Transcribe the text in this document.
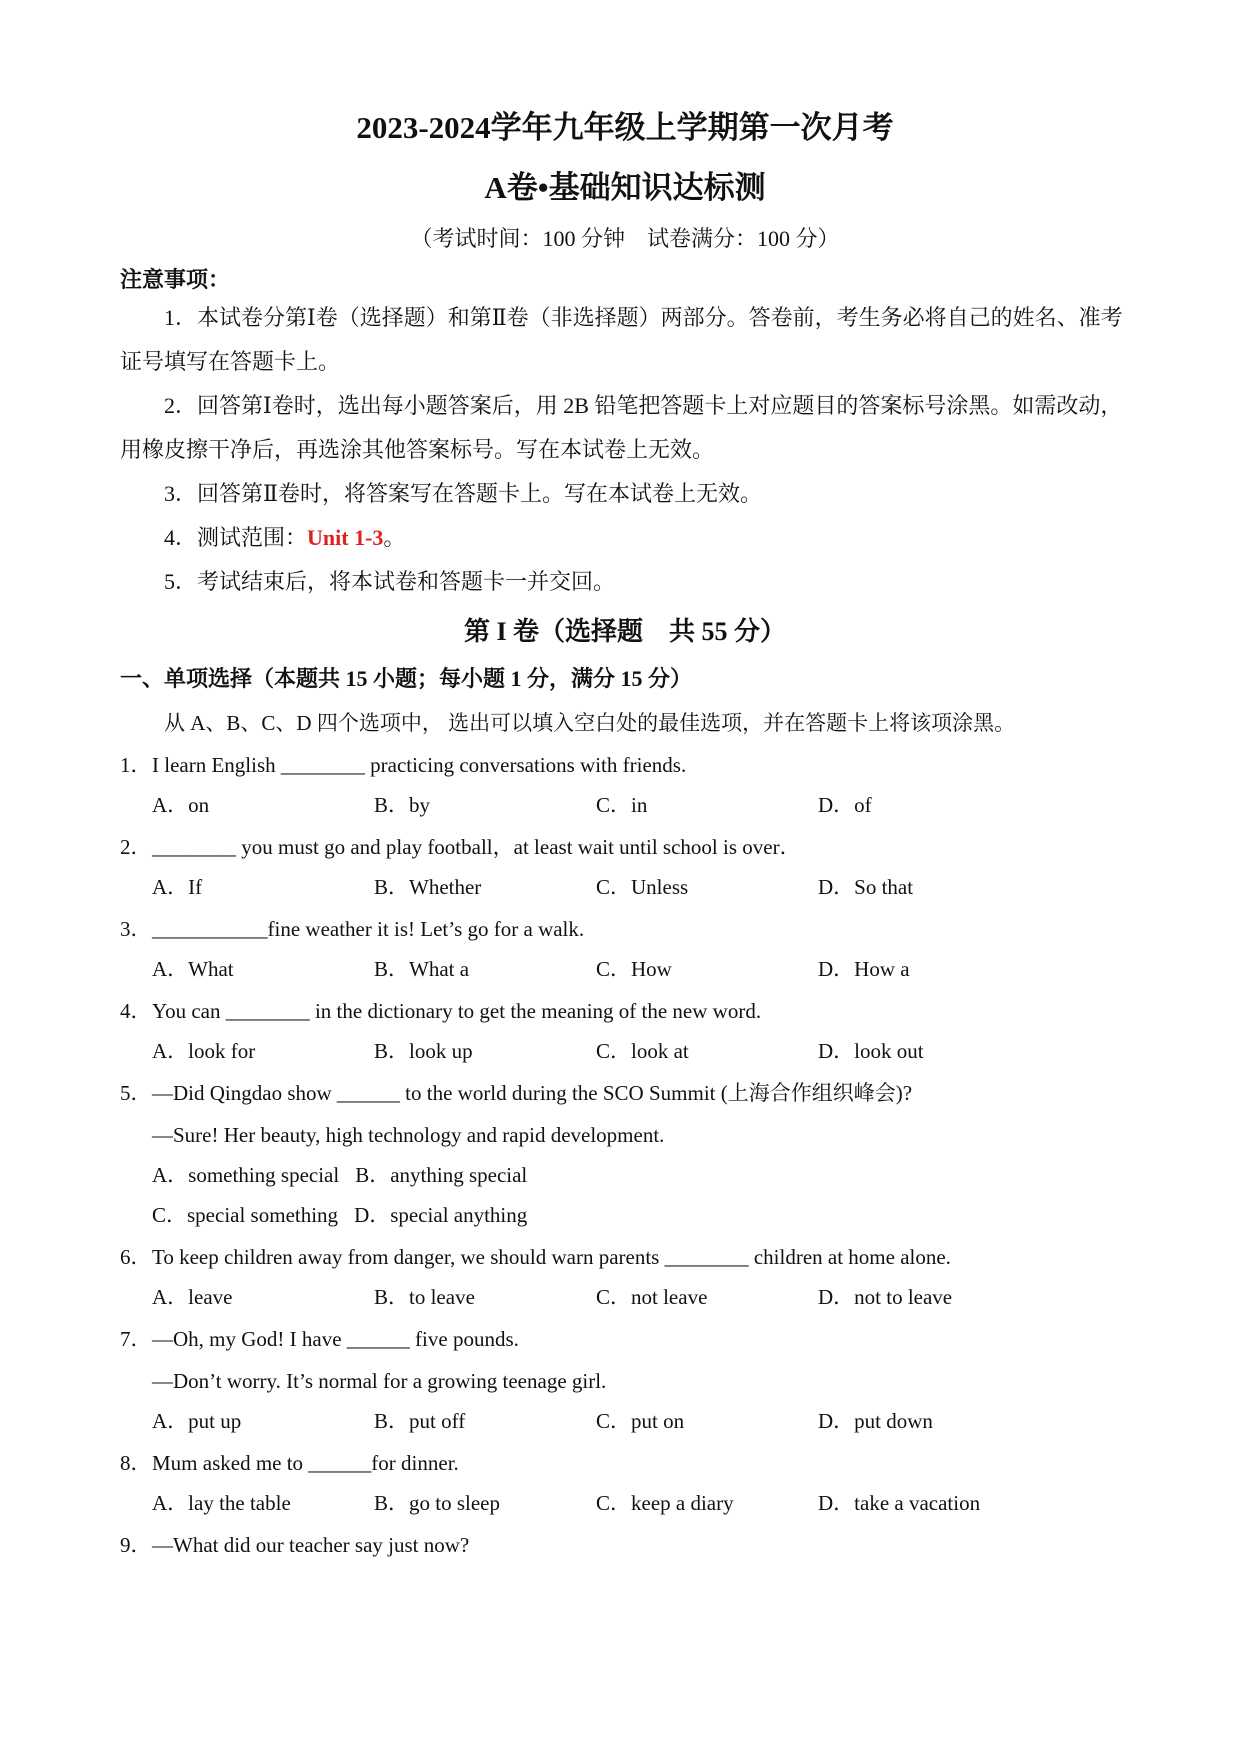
2023-2024学年九年级上学期第一次月考
A卷•基础知识达标测
（考试时间：100 分钟　试卷满分：100 分）
注意事项：

1．本试卷分第Ⅰ卷（选择题）和第Ⅱ卷（非选择题）两部分。答卷前，考生务必将自己的姓名、准考证号填写在答题卡上。

2．回答第Ⅰ卷时，选出每小题答案后，用 2B 铅笔把答题卡上对应题目的答案标号涂黑。如需改动，用橡皮擦干净后，再选涂其他答案标号。写在本试卷上无效。

3．回答第Ⅱ卷时，将答案写在答题卡上。写在本试卷上无效。

4．测试范围：Unit 1-3。

5．考试结束后，将本试卷和答题卡一并交回。

第 I 卷（选择题　共 55 分）
一、单项选择（本题共 15 小题；每小题 1 分，满分 15 分）
从 A、B、C、D 四个选项中， 选出可以填入空白处的最佳选项，并在答题卡上将该项涂黑。
1．I learn English ________ practicing conversations with friends.
A．on	B．by	C．in	D．of
2．________ you must go and play football，at least wait until school is over．
A．If	B．Whether	C．Unless	D．So that
3．___________fine weather it is! Let’s go for a walk.
A．What	B．What a	C．How	D．How a
4．You can ________ in the dictionary to get the meaning of the new word.
A．look for	B．look up	C．look at	D．look out
5．—Did Qingdao show ______ to the world during the SCO Summit (上海合作组织峰会)?
—Sure! Her beauty, high technology and rapid development.
A．something special B．anything special
C．special something D．special anything
6．To keep children away from danger, we should warn parents ________ children at home alone.
A．leave	B．to leave	C．not leave	D．not to leave
7．—Oh, my God! I have ______ five pounds.
—Don’t worry. It’s normal for a growing teenage girl.
A．put up	B．put off	C．put on	D．put down
8．Mum asked me to ______for dinner.
A．lay the table	B．go to sleep	C．keep a diary	D．take a vacation
9．—What did our teacher say just now?
